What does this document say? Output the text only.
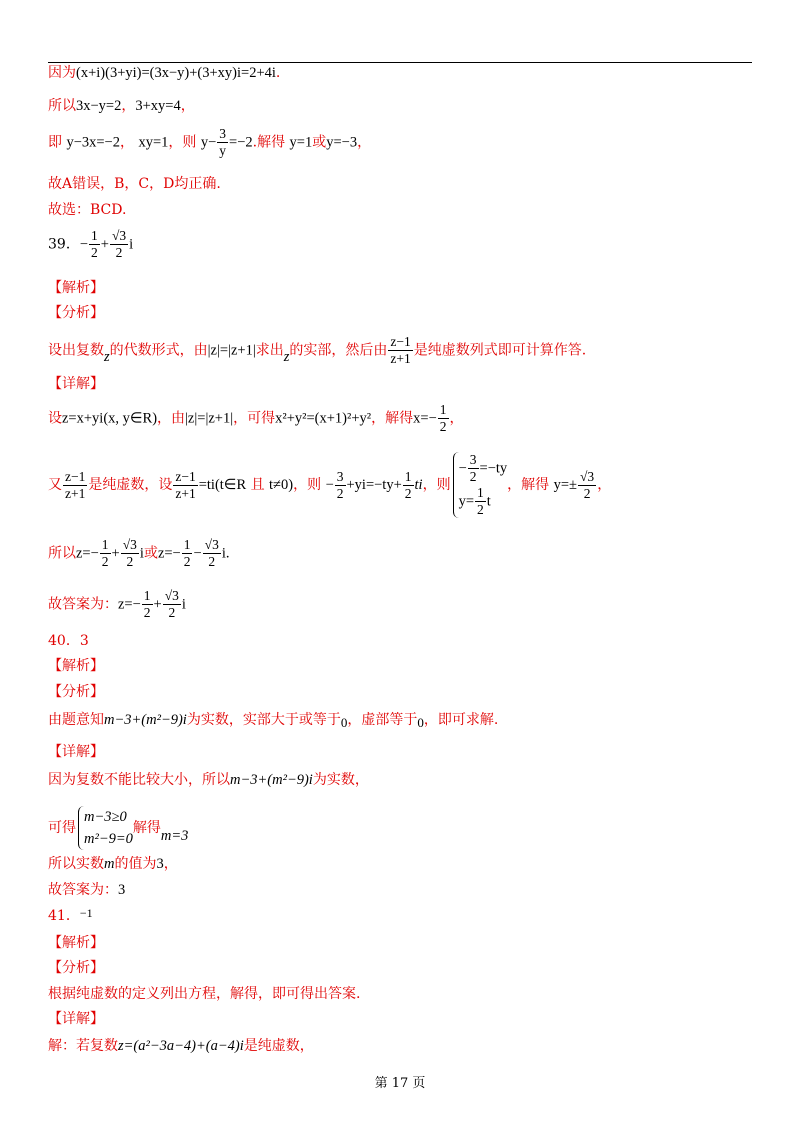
因为(x+i)(3+yi)=(3x−y)+(3+xy)i=2+4i.
所以3x−y=2，3+xy=4，
即 y−3x=−2， xy=1，则 $y- \frac{3}{y} =-2$.解得 y=1或y=−3，
故A错误，B，C，D均正确.
故选：BCD.
39．− $\frac{1}{2} + \frac{√3}{2}$ i
【解析】
【分析】
设出复数z的代数形式，由|z|=|z+1|求出z的实部，然后由 $\frac{z-1}{z+1}$ 是纯虚数列式即可计算作答.
【详解】
设z=x+yi(x, y∈R)，由|z|=|z+1|，可得x²+y²=(x+1)²+y²，解得$x=- \frac{1}{2}$ ，
又 $\frac{z-1}{z+1}$ 是纯虚数，设 $\frac{z-1}{z+1}$ =ti(t∈R 且 t≠0)，则 − $\frac{3}{2} +yi=-ty+ \frac{1}{2}$ ti，则
− $\frac{3}{2} =-ty$
$y= \frac{1}{2}$ t
，解得 $y=\pm \frac{√3}{2}$ ，
所以$z=- \frac{1}{2} + \frac{√3}{2}$ i或$z=- \frac{1}{2} - \frac{√3}{2} i$.
故答案为：$z=- \frac{1}{2} + \frac{√3}{2}$ i
40．3
【解析】
【分析】
由题意知m−3+(m²−9)i为实数，实部大于或等于0，虚部等于0，即可求解.
【详解】
因为复数不能比较大小，所以m−3+(m²−9)i为实数，
可得
m−3≥0
m²−9=0
解得m=3
所以实数m的值为3，
故答案为：3
41．−1
【解析】
【分析】
根据纯虚数的定义列出方程，解得，即可得出答案.
【详解】
解：若复数z=(a²−3a−4)+(a−4)i是纯虚数，
第 17 页
